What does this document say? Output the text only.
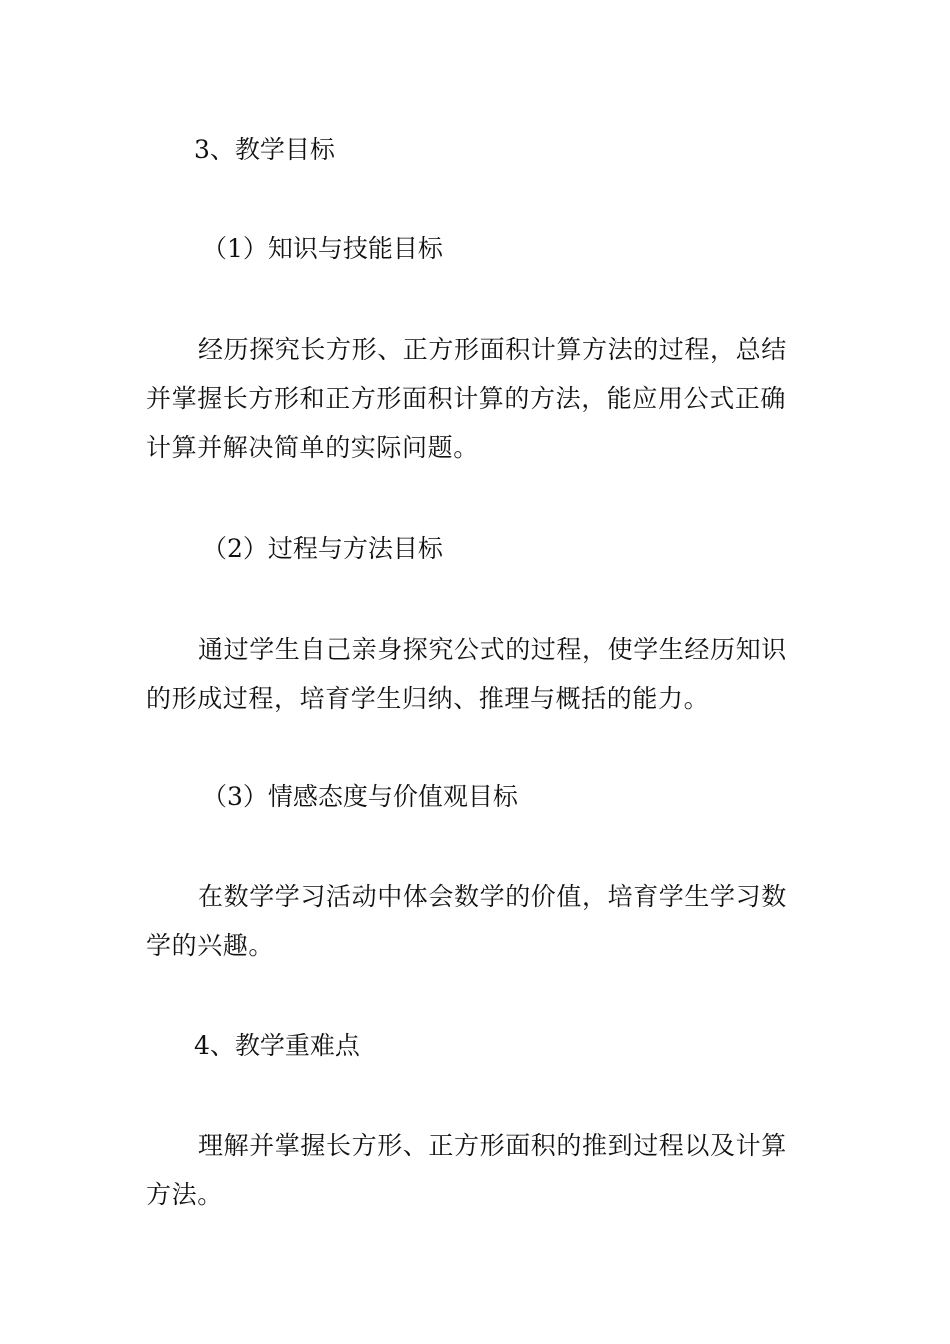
3、教学目标
（1）知识与技能目标
经历探究长方形、正方形面积计算方法的过程，总结并掌握长方形和正方形面积计算的方法，能应用公式正确计算并解决简单的实际问题。
（2）过程与方法目标
通过学生自己亲身探究公式的过程，使学生经历知识的形成过程，培育学生归纳、推理与概括的能力。
（3）情感态度与价值观目标
在数学学习活动中体会数学的价值，培育学生学习数学的兴趣。
4、教学重难点
理解并掌握长方形、正方形面积的推到过程以及计算方法。
